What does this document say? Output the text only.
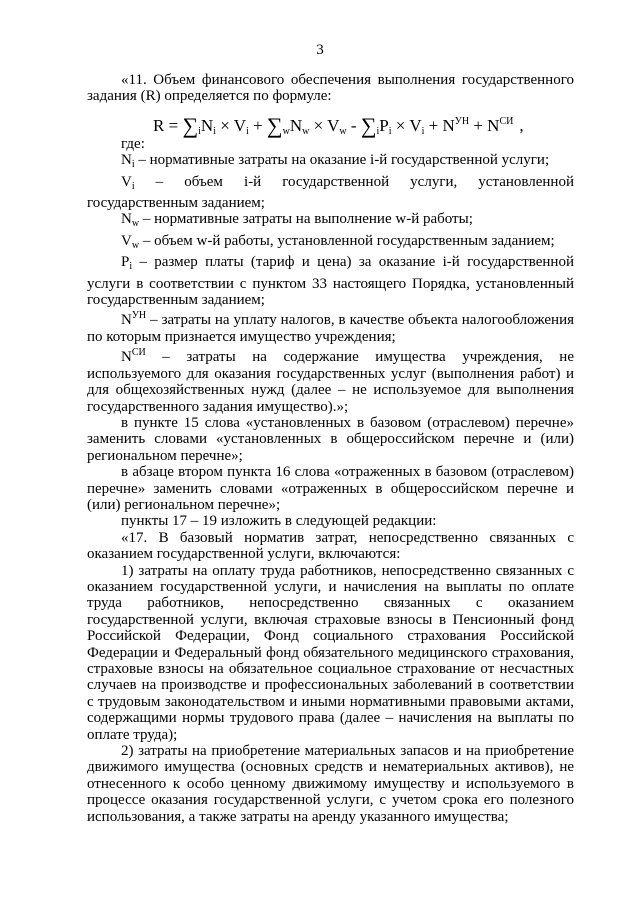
3

«11. Объем финансового обеспечения выполнения государственного задания (R) определяется по формуле:

$R = \sum_iN_i \times V_i + \sum_wN_w \times V_w - \sum_iP_i \times V_i + N^{УН} + N^{СИ}$ ,

где:

$N_i$ – нормативные затраты на оказание i-й государственной услуги;

$V_i$ – объем i-й государственной услуги, установленной государственным заданием;

$N_w$ – нормативные затраты на выполнение w-й работы;

$V_w$ – объем w-й работы, установленной государственным заданием;

$P_i$ – размер платы (тариф и цена) за оказание i-й государственной услуги в соответствии с пунктом 33 настоящего Порядка, установленный государственным заданием;

$N^{УН}$ – затраты на уплату налогов, в качестве объекта налогообложения по которым признается имущество учреждения;

$N^{СИ}$ – затраты на содержание имущества учреждения, не используемого для оказания государственных услуг (выполнения работ) и для общехозяйственных нужд (далее – не используемое для выполнения государственного задания имущество).»;

в пункте 15 слова «установленных в базовом (отраслевом) перечне» заменить словами «установленных в общероссийском перечне и (или) региональном перечне»;

в абзаце втором пункта 16 слова «отраженных в базовом (отраслевом) перечне» заменить словами «отраженных в общероссийском перечне и (или) региональном перечне»;

пункты 17 – 19 изложить в следующей редакции:

«17. В базовый норматив затрат, непосредственно связанных с оказанием государственной услуги, включаются:

1) затраты на оплату труда работников, непосредственно связанных с оказанием государственной услуги, и начисления на выплаты по оплате труда работников, непосредственно связанных с оказанием государственной услуги, включая страховые взносы в Пенсионный фонд Российской Федерации, Фонд социального страхования Российской Федерации и Федеральный фонд обязательного медицинского страхования, страховые взносы на обязательное социальное страхование от несчастных случаев на производстве и профессиональных заболеваний в соответствии с трудовым законодательством и иными нормативными правовыми актами, содержащими нормы трудового права (далее – начисления на выплаты по оплате труда);

2) затраты на приобретение материальных запасов и на приобретение движимого имущества (основных средств и нематериальных активов), не отнесенного к особо ценному движимому имуществу и используемого в процессе оказания государственной услуги, с учетом срока его полезного использования, а также затраты на аренду указанного имущества;
